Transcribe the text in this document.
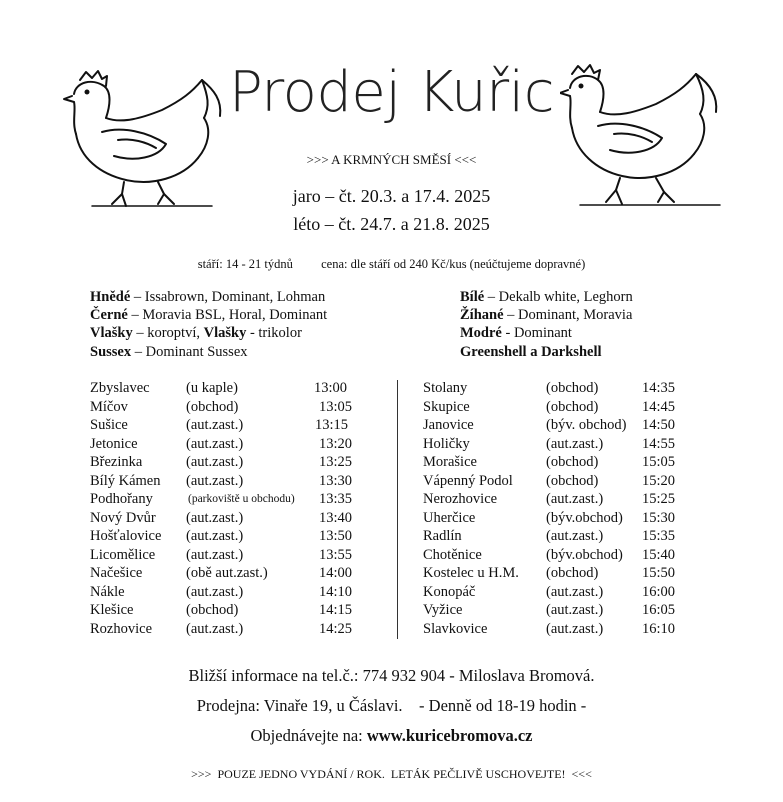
Prodej Kuřic
>>> A KRMNÝCH SMĚSÍ <<<
jaro – čt. 20.3. a 17.4. 2025
léto – čt. 24.7. a 21.8. 2025
stáří: 14 - 21 týdnů cena: dle stáří od 240 Kč/kus (neúčtujeme dopravné)
Hnědé – Issabrown, Dominant, Lohman
Černé – Moravia BSL, Horal, Dominant
Vlašky – koroptví, Vlašky - trikolor
Sussex – Dominant Sussex
Bílé – Dekalb white, Leghorn
Žíhané – Dominant, Moravia
Modré - Dominant
Greenshell a Darkshell
Zbyslavec	(u kaple)	13:00
Míčov	(obchod)	13:05
Sušice	(aut.zast.)	13:15
Jetonice	(aut.zast.)	13:20
Březinka	(aut.zast.)	13:25
Bílý Kámen (aut.zast.)	13:30
Podhořany	(parkoviště u obchodu) 13:35
Nový Dvůr (aut.zast.)	13:40
Hošťalovice (aut.zast.)	13:50
Licomělice (aut.zast.)	13:55
Načešice	(obě aut.zast.)	14:00
Nákle	(aut.zast.)	14:10
Klešice	(obchod)	14:15
Rozhovice (aut.zast.)	14:25
Stolany	(obchod)	14:35
Skupice	(obchod)	14:45
Janovice	(býv. obchod) 14:50
Holičky	(aut.zast.)	14:55
Morašice	(obchod)	15:05
Vápenný Podol (obchod)	15:20
Nerozhovice	(aut.zast.)	15:25
Uherčice	(býv.obchod) 15:30
Radlín	(aut.zast.)	15:35
Chotěnice	(býv.obchod) 15:40
Kostelec u H.M. (obchod)	15:50
Konopáč	(aut.zast.)	16:00
Vyžice	(aut.zast.)	16:05
Slavkovice	(aut.zast.)	16:10
Bližší informace na tel.č.: 774 932 904 - Miloslava Bromová.
Prodejna: Vinaře 19, u Čáslavi.    - Denně od 18-19 hodin -
Objednávejte na: www.kuricebromova.cz
>>>  POUZE JEDNO VYDÁNÍ / ROK.  LETÁK PEČLIVĚ USCHOVEJTE!  <<<
